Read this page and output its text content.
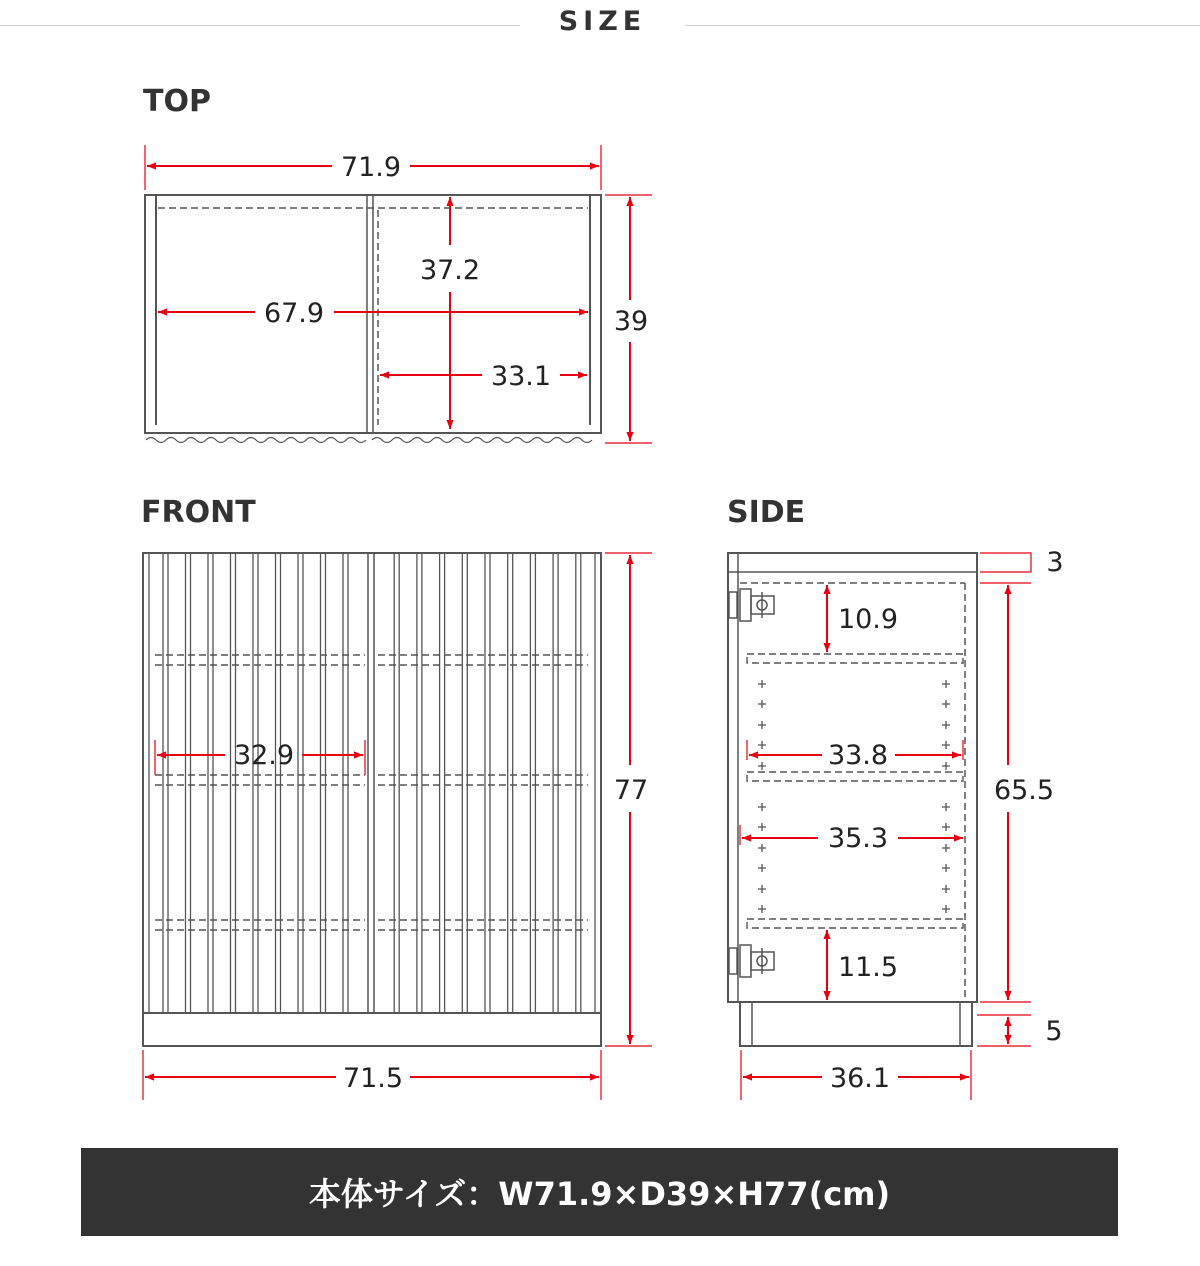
SIZE
TOP
FRONT	SIDE
71.9
67.9
37.2
33.1
39
32.9
77
71.5
3
10.9
33.8
35.3
11.5
65.5
5
36.1
本体サイズ：W71.9×D39×H77(cm)
